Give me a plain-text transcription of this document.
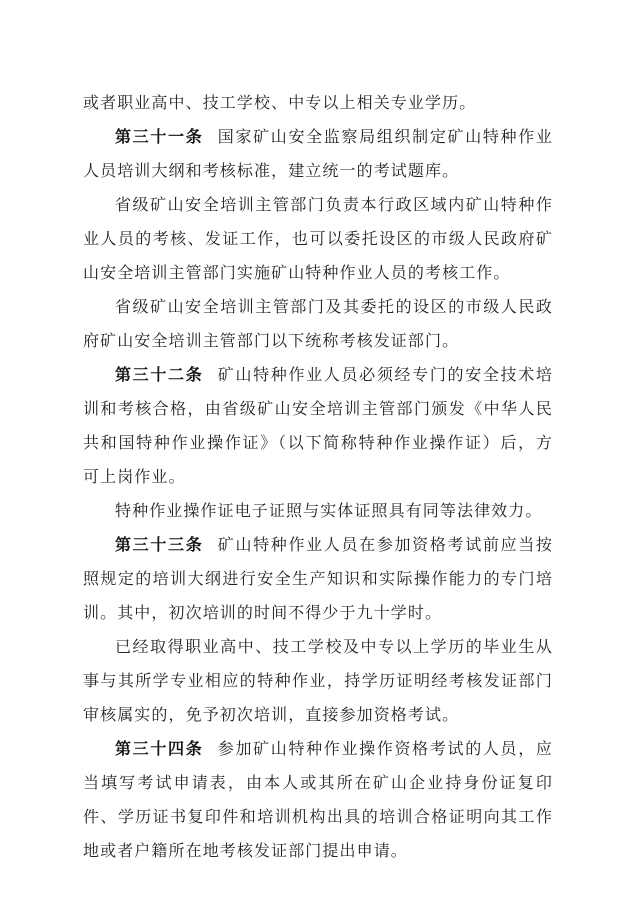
或者职业高中、技工学校、中专以上相关专业学历。

第三十一条 国家矿山安全监察局组织制定矿山特种作业人员培训大纲和考核标准，建立统一的考试题库。

省级矿山安全培训主管部门负责本行政区域内矿山特种作业人员的考核、发证工作，也可以委托设区的市级人民政府矿山安全培训主管部门实施矿山特种作业人员的考核工作。

省级矿山安全培训主管部门及其委托的设区的市级人民政府矿山安全培训主管部门以下统称考核发证部门。

第三十二条 矿山特种作业人员必须经专门的安全技术培训和考核合格，由省级矿山安全培训主管部门颁发《中华人民共和国特种作业操作证》（以下简称特种作业操作证）后，方可上岗作业。

特种作业操作证电子证照与实体证照具有同等法律效力。

第三十三条 矿山特种作业人员在参加资格考试前应当按照规定的培训大纲进行安全生产知识和实际操作能力的专门培训。其中，初次培训的时间不得少于九十学时。

已经取得职业高中、技工学校及中专以上学历的毕业生从事与其所学专业相应的特种作业，持学历证明经考核发证部门审核属实的，免予初次培训，直接参加资格考试。

第三十四条 参加矿山特种作业操作资格考试的人员，应当填写考试申请表，由本人或其所在矿山企业持身份证复印件、学历证书复印件和培训机构出具的培训合格证明向其工作地或者户籍所在地考核发证部门提出申请。
